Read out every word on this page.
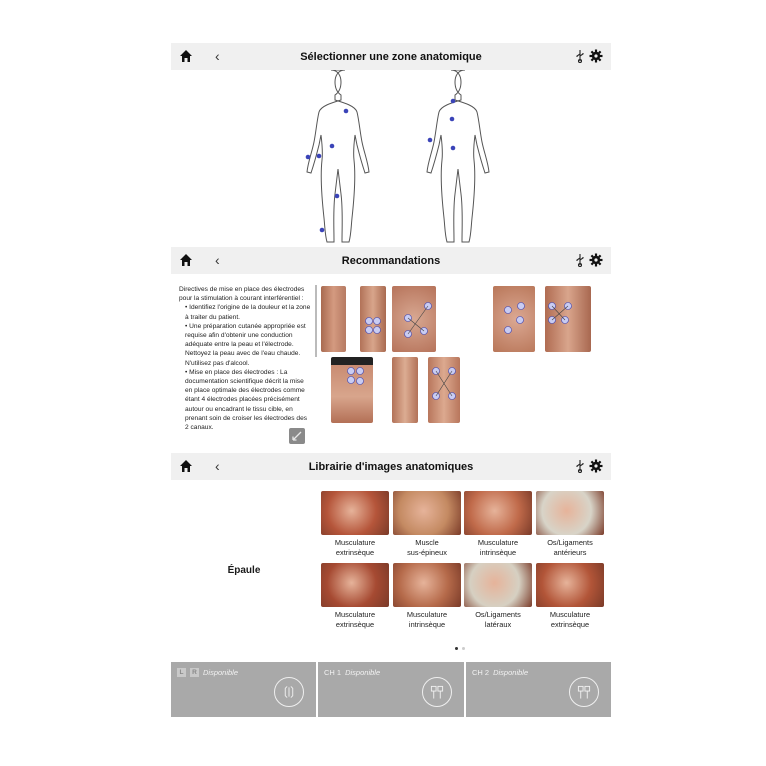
‹	Sélectionner une zone anatomique
‹	Recommandations

Directives de mise en place des électrodes pour la stimulation à courant interférentiel :

• Identifiez l'origine de la douleur et la zone à traiter du patient.

• Une préparation cutanée appropriée est requise afin d'obtenir une conduction adéquate entre la peau et l'électrode. Nettoyez la peau avec de l'eau chaude. N'utilisez pas d'alcool.

• Mise en place des électrodes : La documentation scientifique décrit la mise en place optimale des électrodes comme étant 4 électrodes placées précisément autour ou encadrant le tissu cible, en prenant soin de croiser les électrodes des 2 canaux.

‹	Librairie d'images anatomiques
Épaule
Musculature
extrinsèque
Muscle
sus-épineux
Musculature
intrinsèque
Os/Ligaments
antérieurs
Musculature
extrinsèque
Musculature
intrinsèque
Os/Ligaments
latéraux
Musculature
extrinsèque
L	R Disponible	CH 1 Disponible	CH 2 Disponible
